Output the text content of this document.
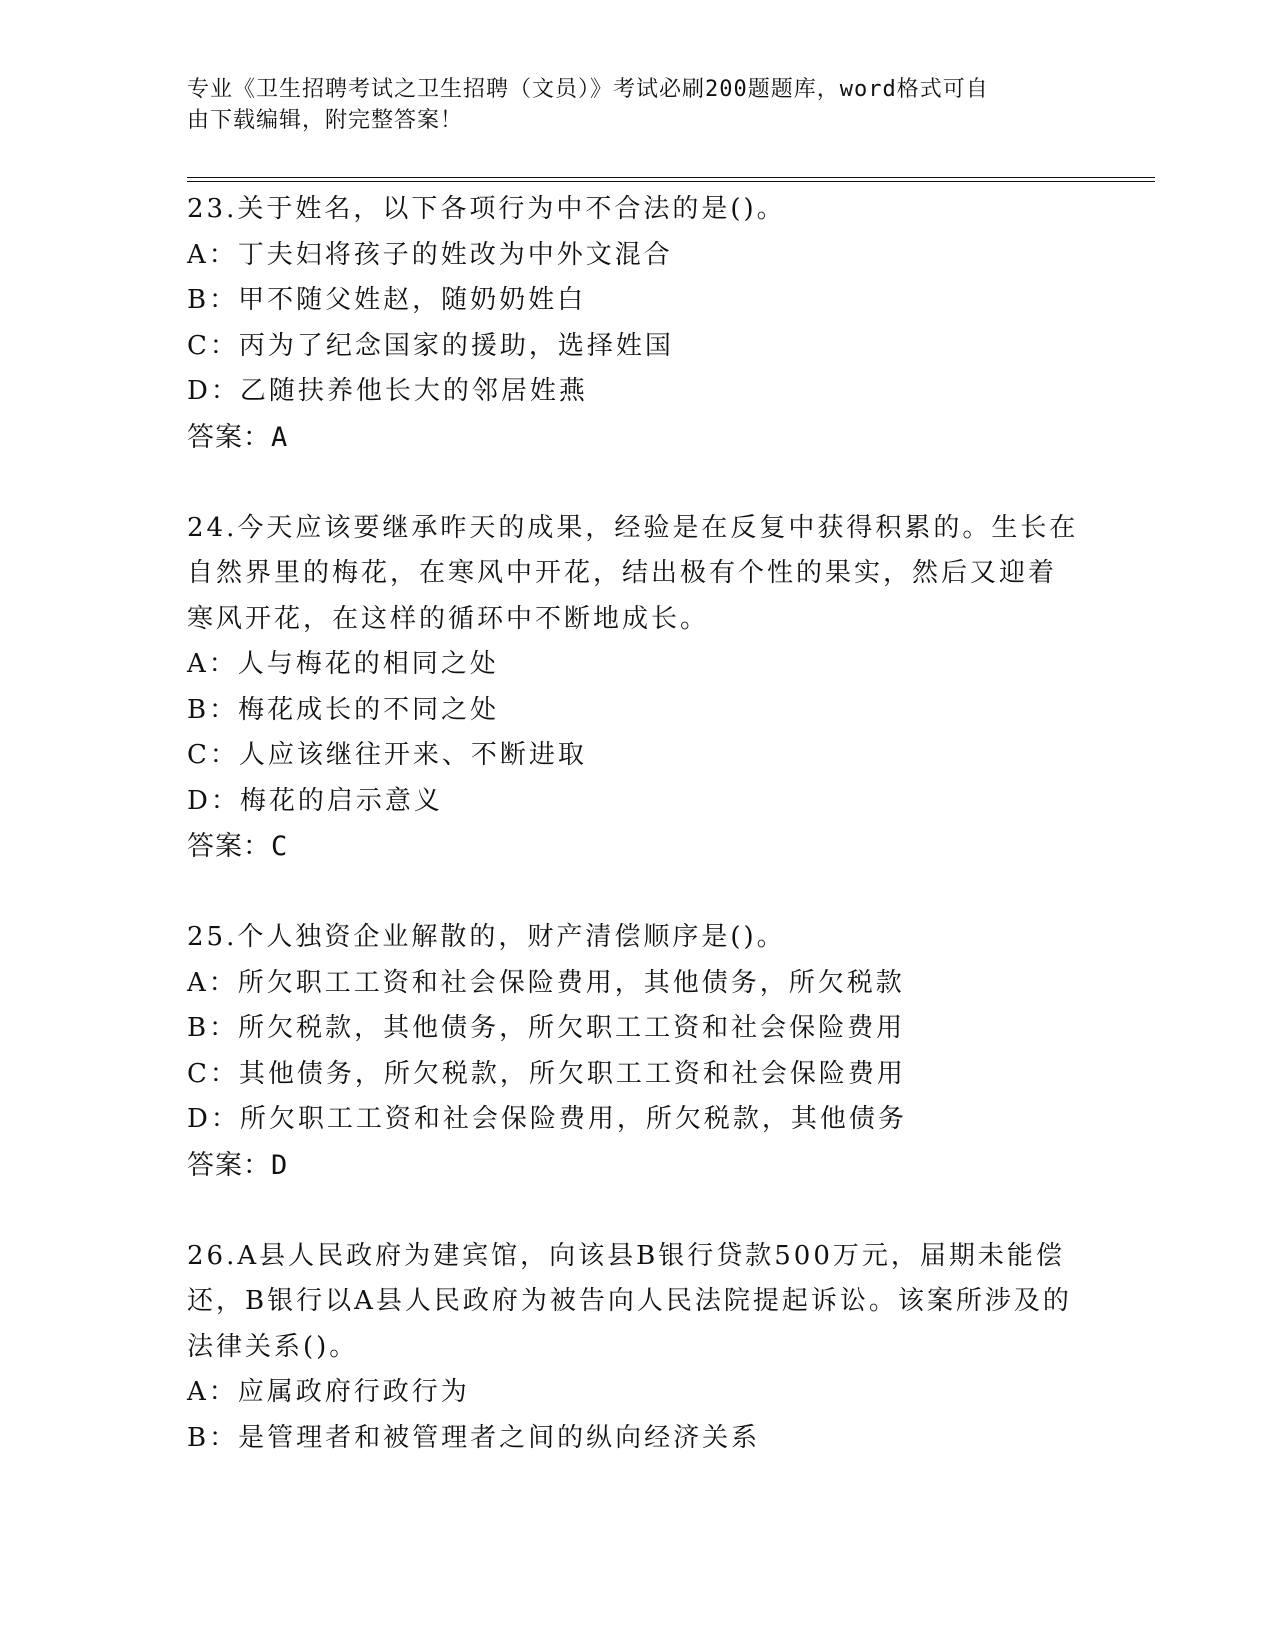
专业《卫生招聘考试之卫生招聘（文员）》考试必刷200题题库，word格式可自
由下载编辑，附完整答案！
23.关于姓名，以下各项行为中不合法的是()。
A：丁夫妇将孩子的姓改为中外文混合
B：甲不随父姓赵，随奶奶姓白
C：丙为了纪念国家的援助，选择姓国
D：乙随扶养他长大的邻居姓燕
答案：A
24.今天应该要继承昨天的成果，经验是在反复中获得积累的。生长在
自然界里的梅花，在寒风中开花，结出极有个性的果实，然后又迎着
寒风开花，在这样的循环中不断地成长。
A：人与梅花的相同之处
B：梅花成长的不同之处
C：人应该继往开来、不断进取
D：梅花的启示意义
答案：C
25.个人独资企业解散的，财产清偿顺序是()。
A：所欠职工工资和社会保险费用，其他债务，所欠税款
B：所欠税款，其他债务，所欠职工工资和社会保险费用
C：其他债务，所欠税款，所欠职工工资和社会保险费用
D：所欠职工工资和社会保险费用，所欠税款，其他债务
答案：D
26.A县人民政府为建宾馆，向该县B银行贷款500万元，届期未能偿
还，B银行以A县人民政府为被告向人民法院提起诉讼。该案所涉及的
法律关系()。
A：应属政府行政行为
B：是管理者和被管理者之间的纵向经济关系
